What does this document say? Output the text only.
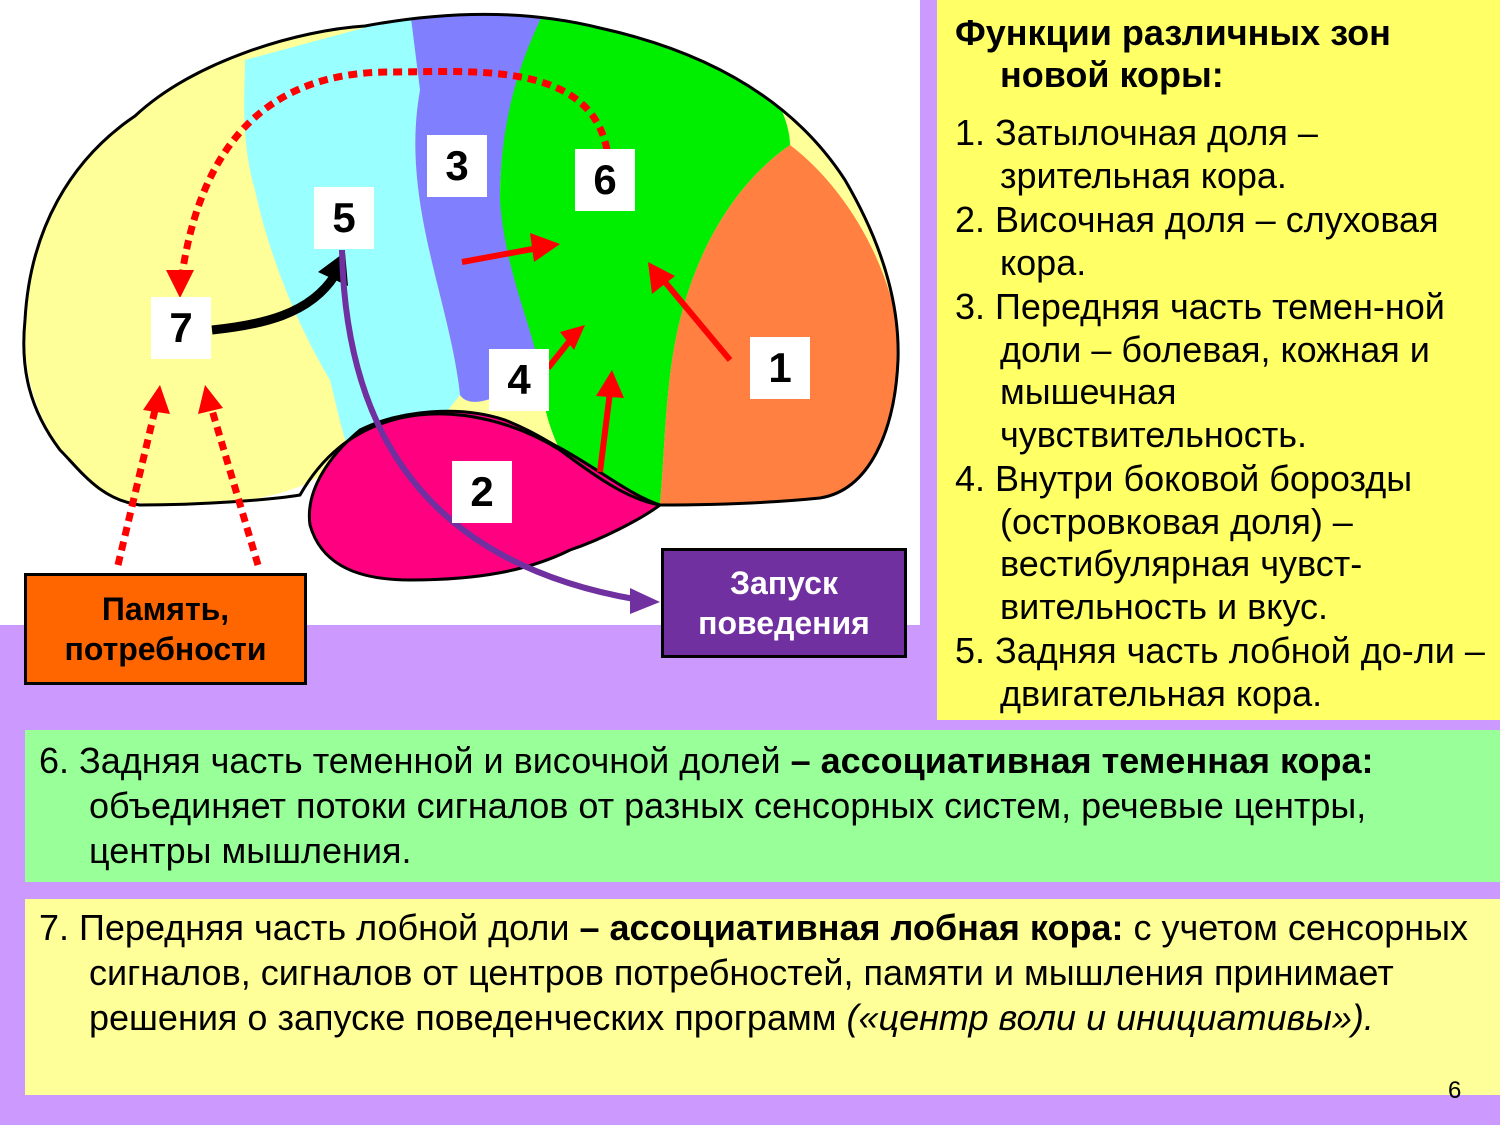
1
2
3
4
5
6
7
Память,
потребности
Запуск
поведения
Функции различных зон
новой коры:
1. Затылочная доля – зрительная кора.
2. Височная доля – слуховая кора.
3. Передняя часть темен-ной доли – болевая, кожная и мышечная чувствительность.
4. Внутри боковой борозды (островковая доля) – вестибулярная чувст-вительность и вкус.
5. Задняя часть лобной до-ли – двигательная кора.

6. Задняя часть теменной и височной долей – ассоциативная теменная кора: объединяет потоки сигналов от разных сенсорных систем, речевые центры, центры мышления.

7. Передняя часть лобной доли – ассоциативная лобная кора: с учетом сенсорных сигналов, сигналов от центров потребностей, памяти и мышления принимает решения о запуске поведенческих программ («центр воли и инициативы»).

6
